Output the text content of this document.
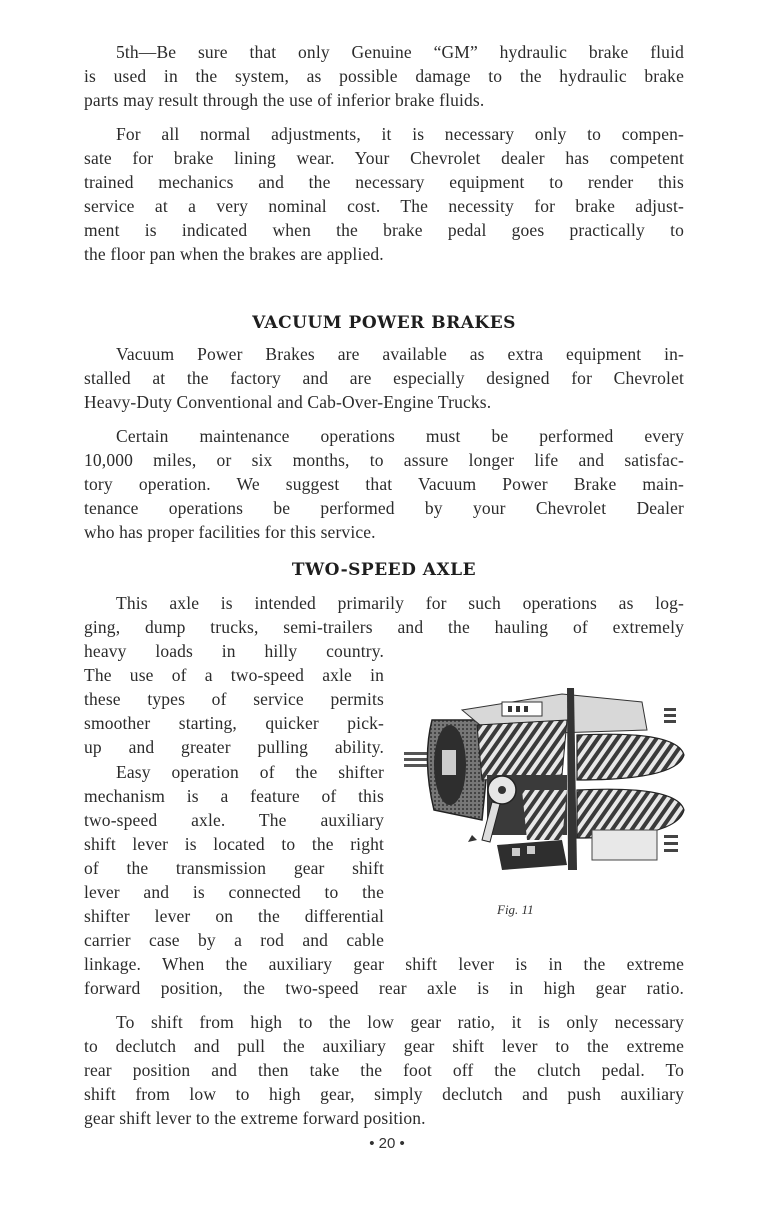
5th—Be sure that only Genuine “GM” hydraulic brake fluid
is used in the system, as possible damage to the hydraulic brake
parts may result through the use of inferior brake fluids.
For all normal adjustments, it is necessary only to compen-
sate for brake lining wear. Your Chevrolet dealer has competent
trained mechanics and the necessary equipment to render this
service at a very nominal cost. The necessity for brake adjust-
ment is indicated when the brake pedal goes practically to
the floor pan when the brakes are applied.
VACUUM POWER BRAKES
Vacuum Power Brakes are available as extra equipment in-
stalled at the factory and are especially designed for Chevrolet
Heavy-Duty Conventional and Cab-Over-Engine Trucks.
Certain maintenance operations must be performed every
10,000 miles, or six months, to assure longer life and satisfac-
tory operation. We suggest that Vacuum Power Brake main-
tenance operations be performed by your Chevrolet Dealer
who has proper facilities for this service.
TWO-SPEED AXLE
This axle is intended primarily for such operations as log-
ging, dump trucks, semi-trailers and the hauling of extremely
heavy loads in hilly country.
The use of a two-speed axle in
these types of service permits
smoother starting, quicker pick-
up and greater pulling ability.
Easy operation of the shifter
mechanism is a feature of this
two-speed axle. The auxiliary
shift lever is located to the right
of the transmission gear shift
lever and is connected to the
shifter lever on the differential
carrier case by a rod and cable
linkage. When the auxiliary gear shift lever is in the extreme
forward position, the two-speed rear axle is in high gear ratio.
To shift from high to the low gear ratio, it is only necessary
to declutch and pull the auxiliary gear shift lever to the extreme
rear position and then take the foot off the clutch pedal. To
shift from low to high gear, simply declutch and push auxiliary
gear shift lever to the extreme forward position.
Fig. 11
• 20 •
